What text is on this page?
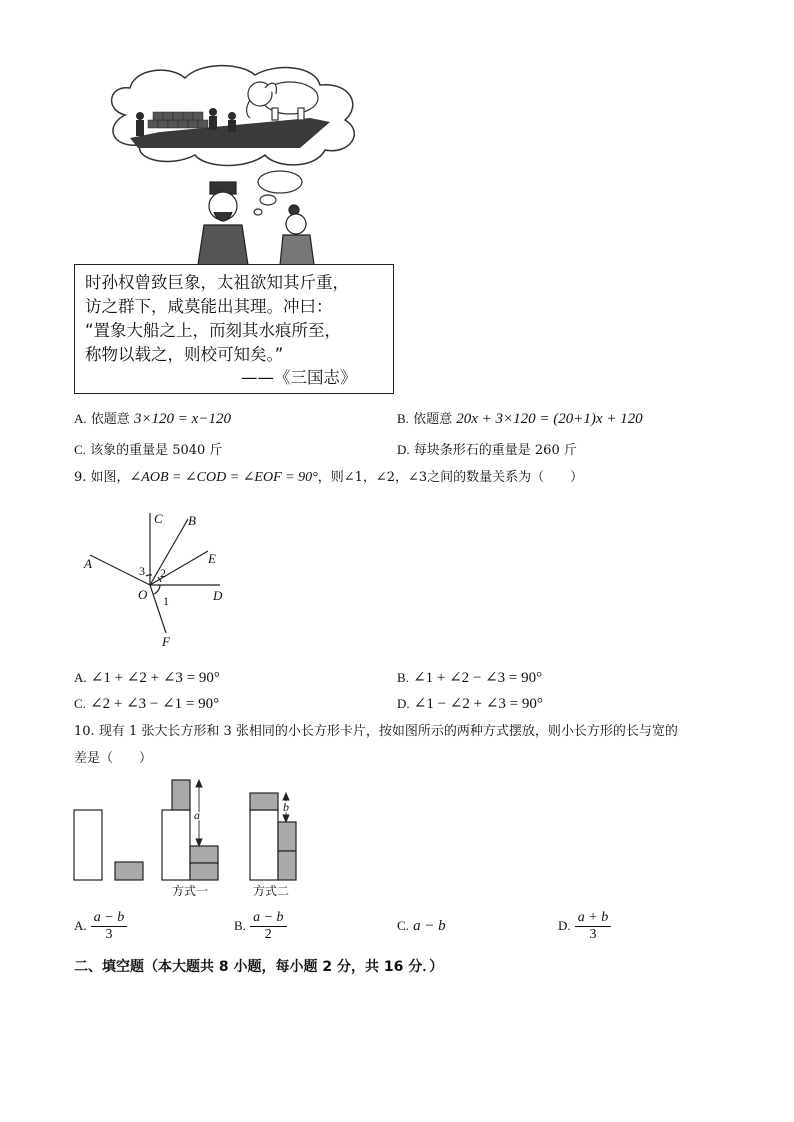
时孙权曾致巨象，太祖欲知其斤重，
访之群下，咸莫能出其理。冲曰：
“置象大船之上，而刻其水痕所至，
称物以载之，则校可知矣。”
——《三国志》
A. 依题意 3×120 = x−120	B. 依题意 20x + 3×120 = (20+1)x + 120
C. 该象的重量是 5040 斤	D. 每块条形石的重量是 260 斤
9. 如图，∠AOB = ∠COD = ∠EOF = 90°，则∠1，∠2，∠3之间的数量关系为（　　）
A
B
C
D
E
F
O 1
2
3
A. ∠1 + ∠2 + ∠3 = 90°	B. ∠1 + ∠2 − ∠3 = 90°
C. ∠2 + ∠3 − ∠1 = 90°	D. ∠1 − ∠2 + ∠3 = 90°
10. 现有 1 张大长方形和 3 张相同的小长方形卡片，按如图所示的两种方式摆放，则小长方形的长与宽的
差是（　　）
a
b
方式一	方式二
A. $\frac{a - b}{3}$	B. $\frac{a - b}{2}$	C. a − b	D. $\frac{a + b}{3}$
二、填空题（本大题共 8 小题，每小题 2 分，共 16 分．）
